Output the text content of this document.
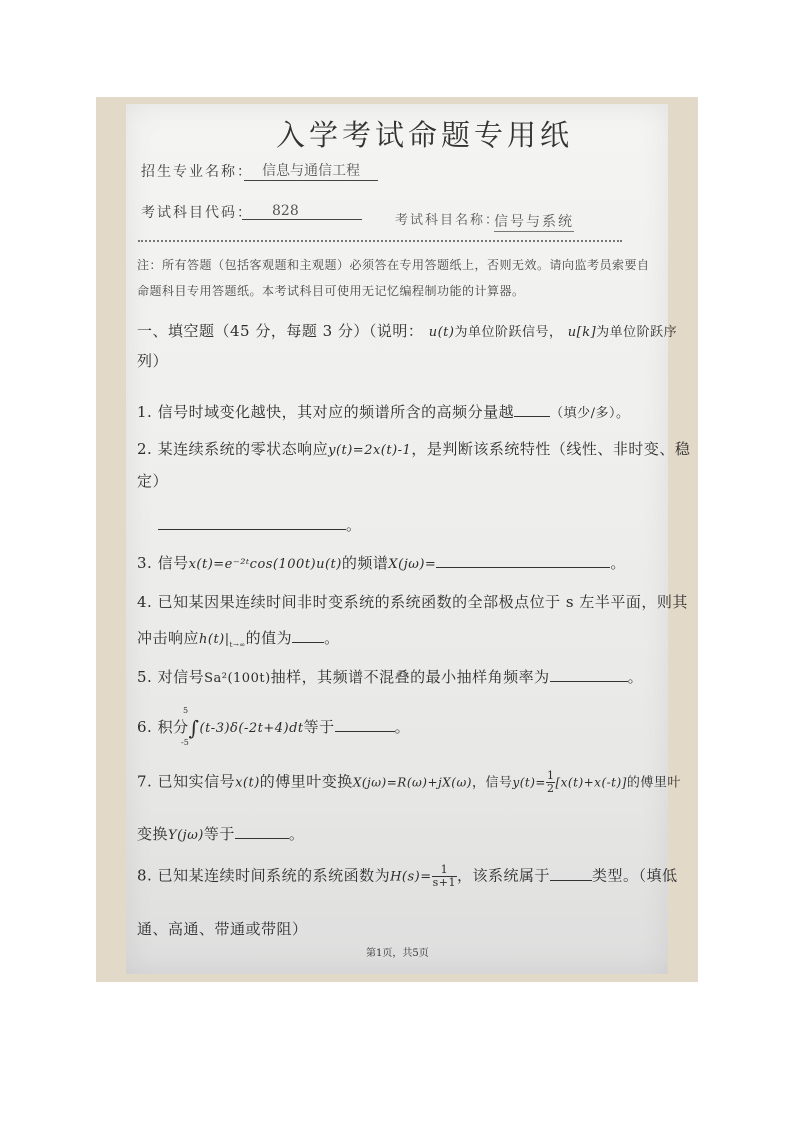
入学考试命题专用纸
招生专业名称： 信息与通信工程
考试科目代码：	828
考试科目名称：
信号与系统
注：所有答题（包括客观题和主观题）必须答在专用答题纸上，否则无效。请向监考员索要自
命题科目专用答题纸。本考试科目可使用无记忆编程制功能的计算器。
一、填空题（45 分，每题 3 分）（说明： u(t)为单位阶跃信号， u[k]为单位阶跃序
列）
1. 信号时域变化越快，其对应的频谱所含的高频分量越	（填少/多）。
2. 某连续系统的零状态响应y(t)=2x(t)-1，是判断该系统特性（线性、非时变、稳
定）
。
3. 信号x(t)=e⁻²ᵗcos(100t)u(t)的频谱X(jω)=	。
4. 已知某因果连续时间非时变系统的系统函数的全部极点位于 s 左半平面，则其
冲击响应$h(t)|_{t\to\infty}$的值为 。
5. 对信号Sa²(100t)抽样，其频谱不混叠的最小抽样角频率为	。
5
-5
6. 积分∫(t-3)δ(-2t+4)dt等于	。
7. 已知实信号x(t)的傅里叶变换X(jω)=R(ω)+jX(ω)，信号$y(t)= \frac{1}{2} [x(t)+x(-t)]$的傅里叶
变换Y(jω)等于	。
8. 已知某连续时间系统的系统函数为$H(s)= \frac{1}{s+1}$ ，该系统属于	类型。（填低
通、高通、带通或带阻）
第1页，共5页
